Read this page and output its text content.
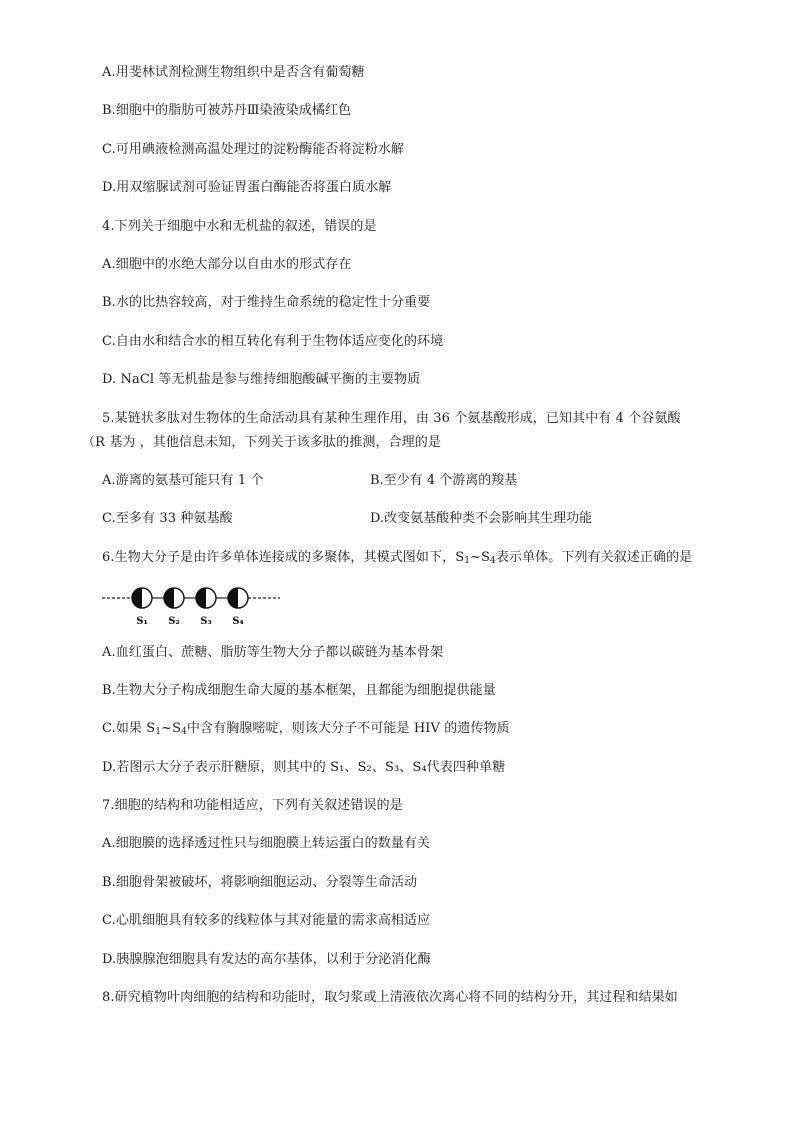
A.用斐林试剂检测生物组织中是否含有葡萄糖
B.细胞中的脂肪可被苏丹Ⅲ染液染成橘红色
C.可用碘液检测高温处理过的淀粉酶能否将淀粉水解
D.用双缩脲试剂可验证胃蛋白酶能否将蛋白质水解
4.下列关于细胞中水和无机盐的叙述，错误的是
A.细胞中的水绝大部分以自由水的形式存在
B.水的比热容较高，对于维持生命系统的稳定性十分重要
C.自由水和结合水的相互转化有利于生物体适应变化的环境
D. NaCl 等无机盐是参与维持细胞酸碱平衡的主要物质
5.某链状多肽对生物体的生命活动具有某种生理作用，由 36 个氨基酸形成，已知其中有 4 个谷氨酸
（R 基为 ，其他信息未知，下列关于该多肽的推测，合理的是
A.游离的氨基可能只有 1 个	B.至少有 4 个游离的羧基
C.至多有 33 种氨基酸	D.改变氨基酸种类不会影响其生理功能
6.生物大分子是由许多单体连接成的多聚体，其模式图如下，$S_1\sim S_4$表示单体。下列有关叙述正确的是
S₁ S₂ S₃ S₄
A.血红蛋白、蔗糖、脂肪等生物大分子都以碳链为基本骨架
B.生物大分子构成细胞生命大厦的基本框架，且都能为细胞提供能量
C.如果 $S_1\sim S_4$中含有胸腺嘧啶，则该大分子不可能是 HIV 的遗传物质
D.若图示大分子表示肝糖原，则其中的 S₁、S₂、S₃、S₄代表四种单糖
7.细胞的结构和功能相适应，下列有关叙述错误的是
A.细胞膜的选择透过性只与细胞膜上转运蛋白的数量有关
B.细胞骨架被破坏，将影响细胞运动、分裂等生命活动
C.心肌细胞具有较多的线粒体与其对能量的需求高相适应
D.胰腺腺泡细胞具有发达的高尔基体，以利于分泌消化酶
8.研究植物叶肉细胞的结构和功能时，取匀浆或上清液依次离心将不同的结构分开，其过程和结果如
